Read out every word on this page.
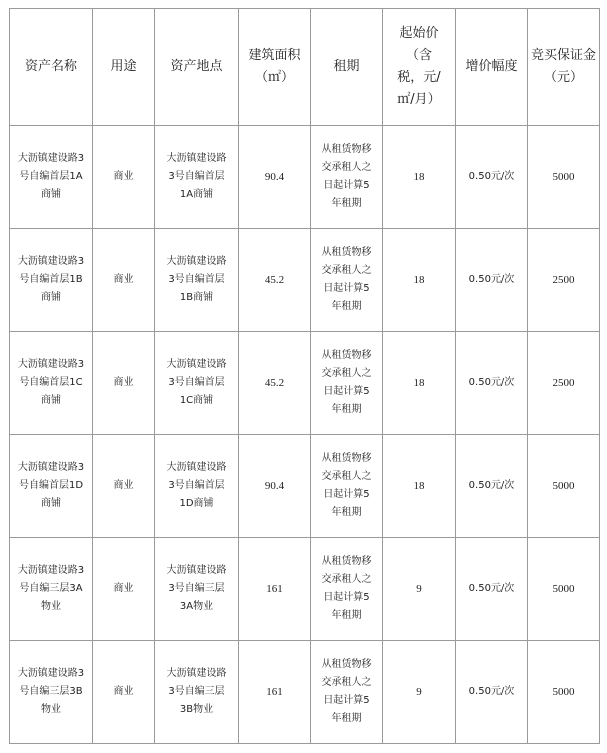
资产名称	用途	资产地点	建筑面积（㎡）	租期	起始价（含税，元/㎡/月）	增价幅度	竞买保证金（元）

大沥镇建设路3号自编首层1A商铺	商业	大沥镇建设路3号自编首层1A商铺	90.4	从租赁物移交承租人之日起计算5年租期	18	0.50元/次	5000

大沥镇建设路3号自编首层1B商铺	商业	大沥镇建设路3号自编首层1B商铺	45.2	从租赁物移交承租人之日起计算5年租期	18	0.50元/次	2500

大沥镇建设路3号自编首层1C商铺	商业	大沥镇建设路3号自编首层1C商铺	45.2	从租赁物移交承租人之日起计算5年租期	18	0.50元/次	2500

大沥镇建设路3号自编首层1D商铺	商业	大沥镇建设路3号自编首层1D商铺	90.4	从租赁物移交承租人之日起计算5年租期	18	0.50元/次	5000

大沥镇建设路3号自编三层3A物业	商业	大沥镇建设路3号自编三层3A物业	161	从租赁物移交承租人之日起计算5年租期	9	0.50元/次	5000

大沥镇建设路3号自编三层3B物业	商业	大沥镇建设路3号自编三层3B物业	161	从租赁物移交承租人之日起计算5年租期	9	0.50元/次	5000
